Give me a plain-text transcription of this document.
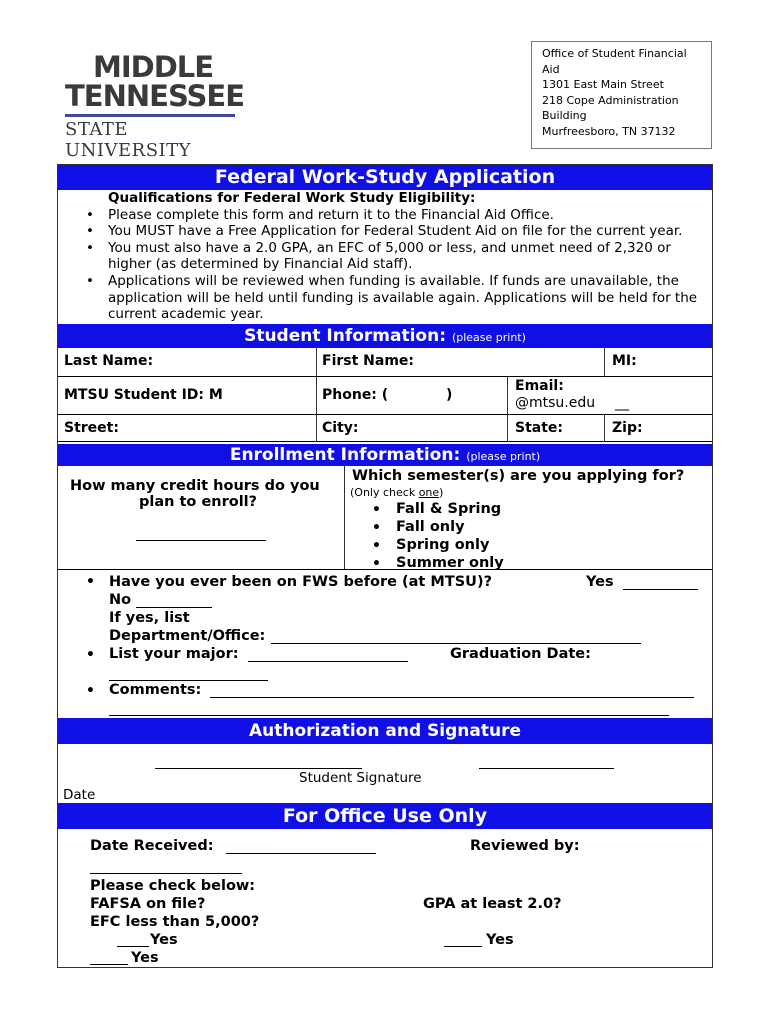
MIDDLE
TENNESSEE
STATE UNIVERSITY
Office of Student Financial
Aid
1301 East Main Street
218 Cope Administration
Building
Murfreesboro, TN 37132
Federal Work-Study Application
Qualifications for Federal Work Study Eligibility:
• Please complete this form and return it to the Financial Aid Office.
• You MUST have a Free Application for Federal Student Aid on file for the current year.
• You must also have a 2.0 GPA, an EFC of 5,000 or less, and unmet need of 2,320 or higher (as determined by Financial Aid staff).
• Applications will be reviewed when funding is available. If funds are unavailable, the application will be held until funding is available again. Applications will be held for the current academic year.
Student Information: (please print)
Last Name:	First Name:	MI:
MTSU Student ID: M	Phone: (	)
Email:
@mtsu.edu __
Street:	City:	State:	Zip:
Enrollment Information: (please print)
How many credit hours do you
plan to enroll?
Which semester(s) are you applying for?
(Only check one)
• Fall & Spring
• Fall only
• Spring only
• Summer only
• Have you ever been on FWS before (at MTSU)?	Yes
No
If yes, list
Department/Office:
• List your major:	Graduation Date:
• Comments:
Authorization and Signature
Student Signature
Date
For Office Use Only
Date Received:	Reviewed by:
Please check below:
FAFSA on file?	GPA at least 2.0?
EFC less than 5,000?
Yes	Yes
Yes
